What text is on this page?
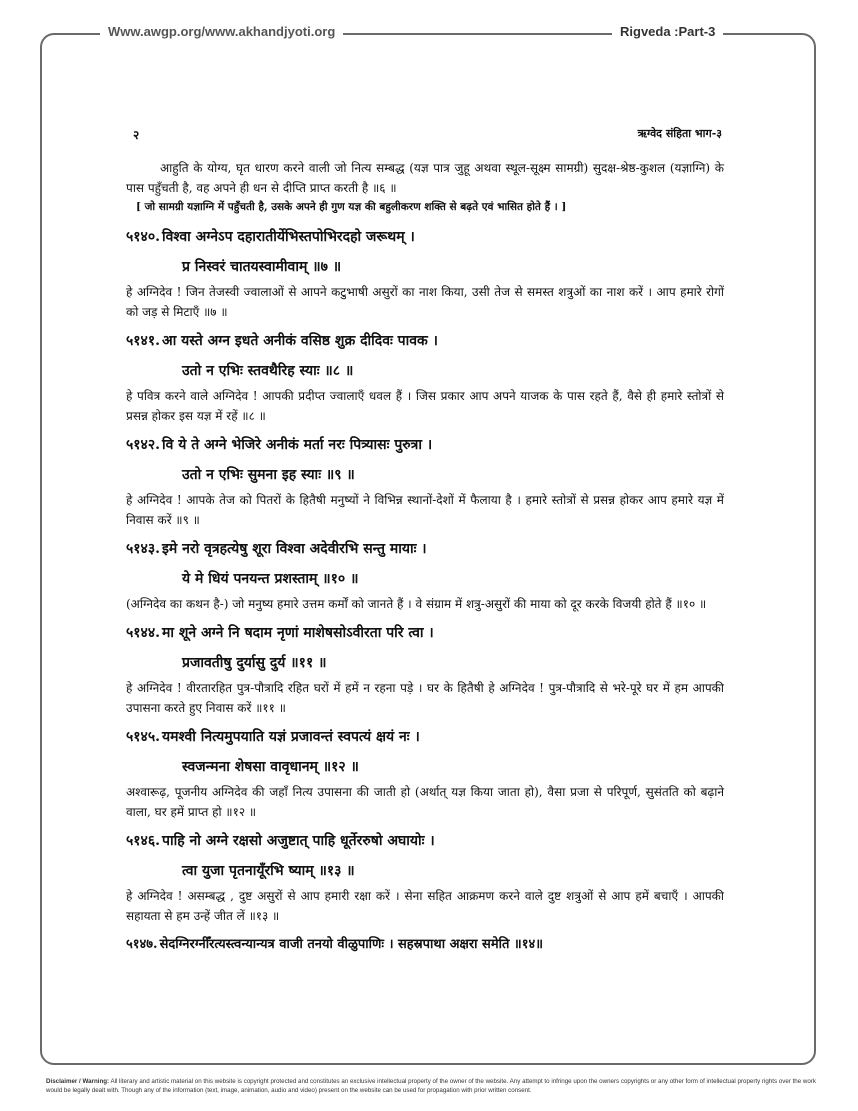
Www.awgp.org/www.akhandjyoti.org	Rigveda :Part-3
२	ऋग्वेद संहिता भाग-३

आहुति के योग्य, घृत धारण करने वाली जो नित्य सम्बद्ध (यज्ञ पात्र जुहू अथवा स्थूल-सूक्ष्म सामग्री) सुदक्ष-श्रेष्ठ-कुशल (यज्ञाग्नि) के पास पहुँचती है, वह अपने ही धन से दीप्ति प्राप्त करती है ॥६ ॥

[ जो सामग्री यज्ञाग्नि में पहुँचती है, उसके अपने ही गुण यज्ञ की बहुलीकरण शक्ति से बढ़ते एवं भासित होते हैं । ]

५१४०. विश्वा अग्नेऽप दहारातीर्येभिस्तपोभिरदहो जरूथम् ।

प्र निस्वरं चातयस्वामीवाम् ॥७ ॥

हे अग्निदेव ! जिन तेजस्वी ज्वालाओं से आपने कटुभाषी असुरों का नाश किया, उसी तेज से समस्त शत्रुओं का नाश करें । आप हमारे रोगों को जड़ से मिटाएँ ॥७ ॥

५१४१. आ यस्ते अग्न इधते अनीकं वसिष्ठ शुक्र दीदिवः पावक ।

उतो न एभिः स्तवथैरिह स्याः ॥८ ॥

हे पवित्र करने वाले अग्निदेव ! आपकी प्रदीप्त ज्वालाएँ धवल हैं । जिस प्रकार आप अपने याजक के पास रहते हैं, वैसे ही हमारे स्तोत्रों से प्रसन्न होकर इस यज्ञ में रहें ॥८ ॥

५१४२. वि ये ते अग्ने भेजिरे अनीकं मर्ता नरः पित्र्यासः पुरुत्रा ।

उतो न एभिः सुमना इह स्याः ॥९ ॥

हे अग्निदेव ! आपके तेज को पितरों के हितैषी मनुष्यों ने विभिन्न स्थानों-देशों में फैलाया है । हमारे स्तोत्रों से प्रसन्न होकर आप हमारे यज्ञ में निवास करें ॥९ ॥

५१४३. इमे नरो वृत्रहत्येषु शूरा विश्वा अदेवीरभि सन्तु मायाः ।

ये मे धियं पनयन्त प्रशस्ताम् ॥१० ॥

(अग्निदेव का कथन है-) जो मनुष्य हमारे उत्तम कर्मों को जानते हैं । वे संग्राम में शत्रु-असुरों की माया को दूर करके विजयी होते हैं ॥१० ॥

५१४४. मा शूने अग्ने नि षदाम नृणां माशेषसोऽवीरता परि त्वा ।

प्रजावतीषु दुर्यासु दुर्य ॥११ ॥

हे अग्निदेव ! वीरतारहित पुत्र-पौत्रादि रहित घरों में हमें न रहना पड़े । घर के हितैषी हे अग्निदेव ! पुत्र-पौत्रादि से भरे-पूरे घर में हम आपकी उपासना करते हुए निवास करें ॥११ ॥

५१४५. यमश्वी नित्यमुपयाति यज्ञं प्रजावन्तं स्वपत्यं क्षयं नः ।

स्वजन्मना शेषसा वावृधानम् ॥१२ ॥

अश्वारूढ़, पूजनीय अग्निदेव की जहाँ नित्य उपासना की जाती हो (अर्थात् यज्ञ किया जाता हो), वैसा प्रजा से परिपूर्ण, सुसंतति को बढ़ाने वाला, घर हमें प्राप्त हो ॥१२ ॥

५१४६. पाहि नो अग्ने रक्षसो अजुष्टात् पाहि धूर्तेररुषो अघायोः ।

त्वा युजा पृतनायूँरभि ष्याम् ॥१३ ॥

हे अग्निदेव ! असम्बद्ध , दुष्ट असुरों से आप हमारी रक्षा करें । सेना सहित आक्रमण करने वाले दुष्ट शत्रुओं से आप हमें बचाएँ । आपकी सहायता से हम उन्हें जीत लें ॥१३ ॥

५१४७. सेदग्निरग्नीँरत्यस्त्वन्यान्यत्र वाजी तनयो वीळुपाणिः । सहस्रपाथा अक्षरा समेति ॥१४॥

Disclaimer / Warning: All literary and artistic material on this website is copyright protected and constitutes an exclusive intellectual property of the owner of the website. Any attempt to infringe upon the owners copyrights or any other form of intellectual property rights over the work would be legally dealt with. Though any of the information (text, image, animation, audio and video) present on the website can be used for propagation with prior written consent.
